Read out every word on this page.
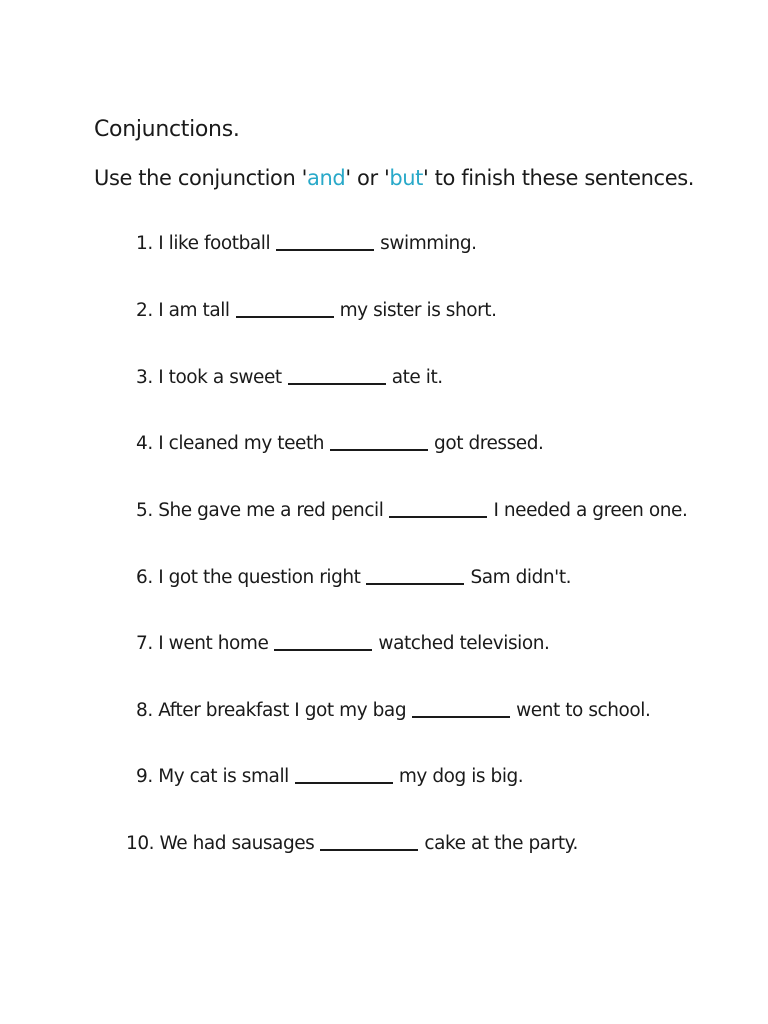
Conjunctions.
Use the conjunction 'and' or 'but' to finish these sentences.
1. I like football	swimming.
2. I am tall	my sister is short.
3. I took a sweet	ate it.
4. I cleaned my teeth	got dressed.
5. She gave me a red pencil	I needed a green one.
6. I got the question right	Sam didn't.
7. I went home	watched television.
8. After breakfast I got my bag	went to school.
9. My cat is small	my dog is big.
10. We had sausages	cake at the party.
